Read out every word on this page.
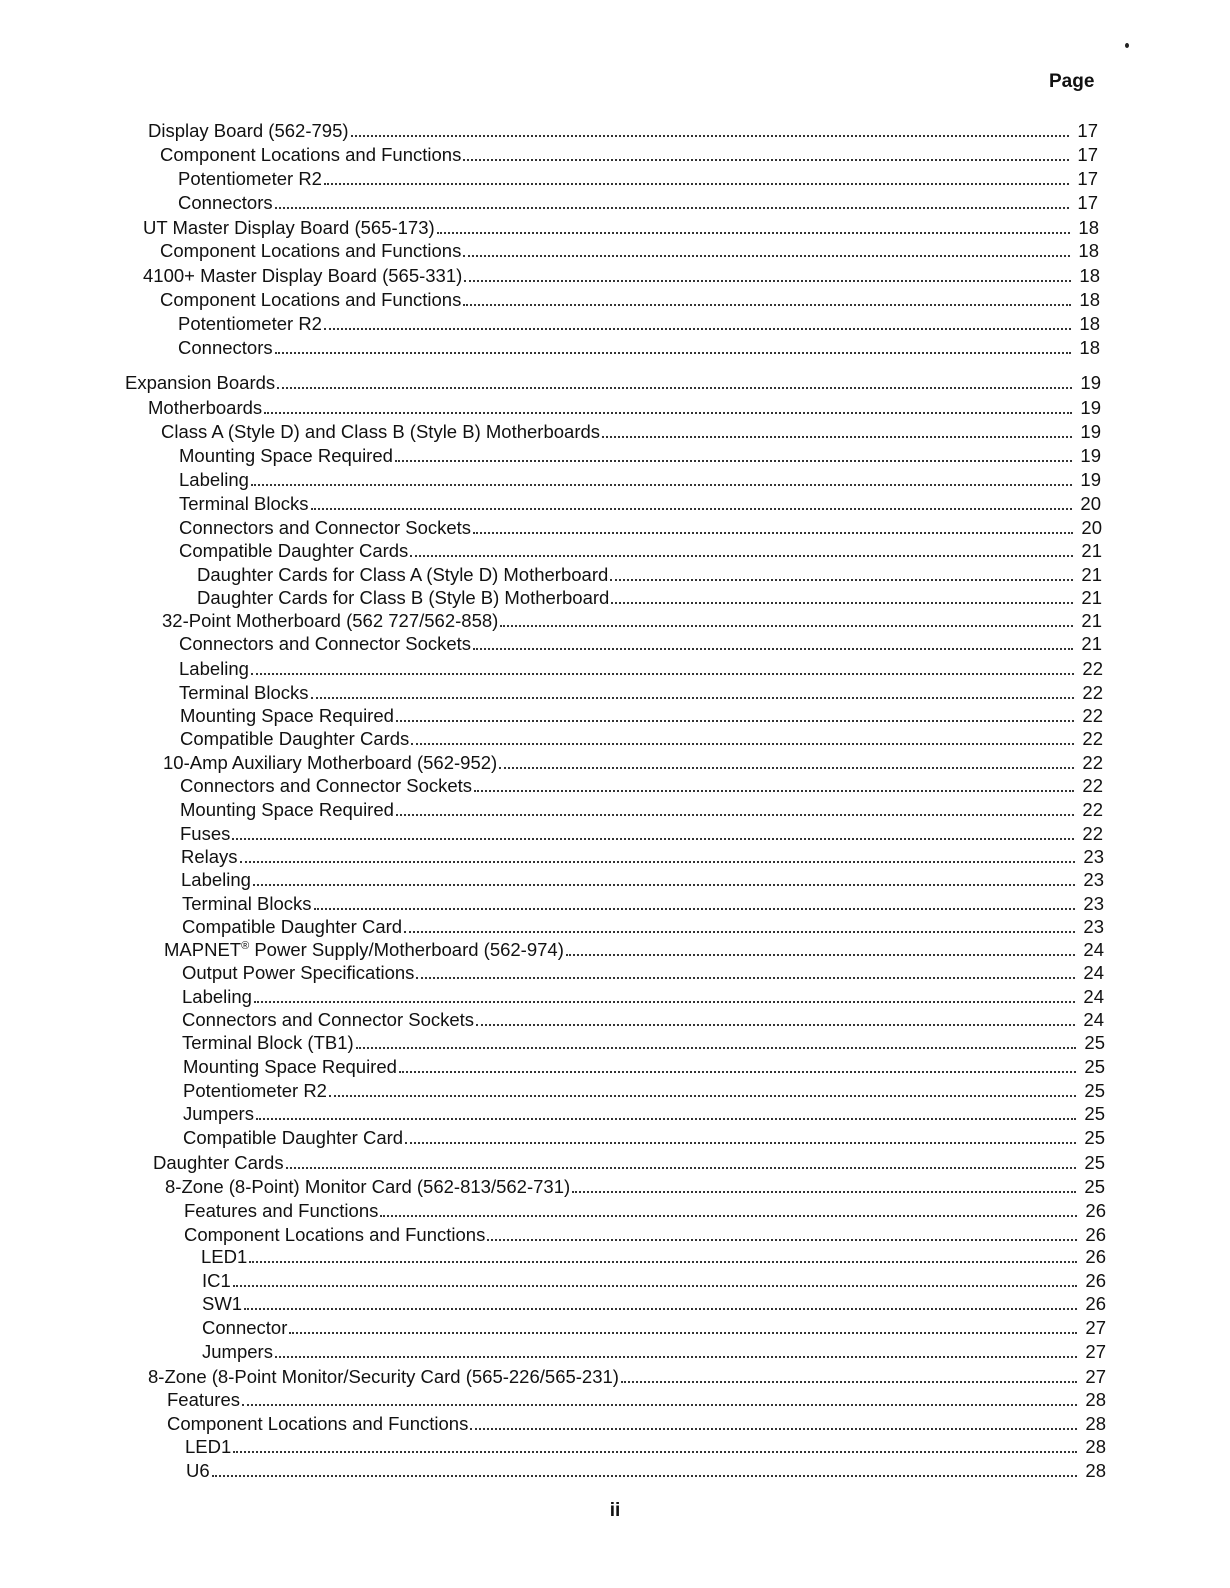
Page
Display Board (562-795)	17
Component Locations and Functions	17
Potentiometer R2	17
Connectors	17
UT Master Display Board (565-173)	18
Component Locations and Functions	18
4100+ Master Display Board (565-331)	18
Component Locations and Functions	18
Potentiometer R2	18
Connectors	18
Expansion Boards	19
Motherboards	19
Class A (Style D) and Class B (Style B) Motherboards	19
Mounting Space Required	19
Labeling	19
Terminal Blocks	20
Connectors and Connector Sockets	20
Compatible Daughter Cards	21
Daughter Cards for Class A (Style D) Motherboard	21
Daughter Cards for Class B (Style B) Motherboard	21
32-Point Motherboard (562 727/562-858)	21
Connectors and Connector Sockets	21
Labeling	22
Terminal Blocks	22
Mounting Space Required	22
Compatible Daughter Cards	22
10-Amp Auxiliary Motherboard (562-952)	22
Connectors and Connector Sockets	22
Mounting Space Required	22
Fuses	22
Relays	23
Labeling	23
Terminal Blocks	23
Compatible Daughter Card	23
MAPNET® Power Supply/Motherboard (562-974)	24
Output Power Specifications	24
Labeling	24
Connectors and Connector Sockets	24
Terminal Block (TB1)	25
Mounting Space Required	25
Potentiometer R2	25
Jumpers	25
Compatible Daughter Card	25
Daughter Cards	25
8-Zone (8-Point) Monitor Card (562-813/562-731)	25
Features and Functions	26
Component Locations and Functions	26
LED1	26
IC1	26
SW1	26
Connector	27
Jumpers	27
8-Zone (8-Point Monitor/Security Card (565-226/565-231)	27
Features	28
Component Locations and Functions	28
LED1	28
U6	28
ii
